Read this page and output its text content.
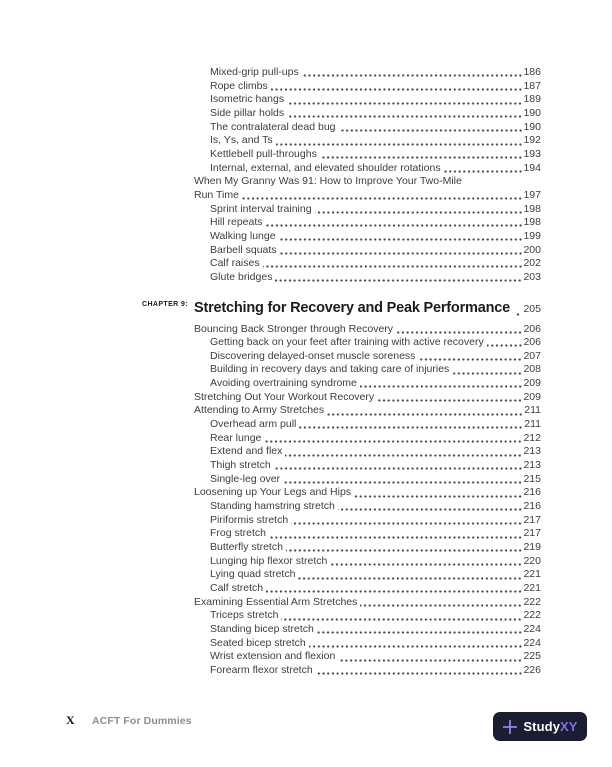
Mixed-grip pull-ups	186
Rope climbs	187
Isometric hangs	189
Side pillar holds	190
The contralateral dead bug	190
Is, Ys, and Ts	192
Kettlebell pull-throughs	193
Internal, external, and elevated shoulder rotations	194
When My Granny Was 91: How to Improve Your Two-Mile
Run Time	197
Sprint interval training	198
Hill repeats	198
Walking lunge	199
Barbell squats	200
Calf raises	202
Glute bridges	203
CHAPTER 9: Stretching for Recovery and Peak Performance 205
Bouncing Back Stronger through Recovery	206
Getting back on your feet after training with active recovery	206
Discovering delayed-onset muscle soreness	207
Building in recovery days and taking care of injuries	208
Avoiding overtraining syndrome	209
Stretching Out Your Workout Recovery	209
Attending to Army Stretches	211
Overhead arm pull	211
Rear lunge	212
Extend and flex	213
Thigh stretch	213
Single-leg over	215
Loosening up Your Legs and Hips	216
Standing hamstring stretch	216
Piriformis stretch	217
Frog stretch	217
Butterfly stretch	219
Lunging hip flexor stretch	220
Lying quad stretch	221
Calf stretch	221
Examining Essential Arm Stretches	222
Triceps stretch	222
Standing bicep stretch	224
Seated bicep stretch	224
Wrist extension and flexion	225
Forearm flexor stretch	226
X ACFT For Dummies	StudyXY
